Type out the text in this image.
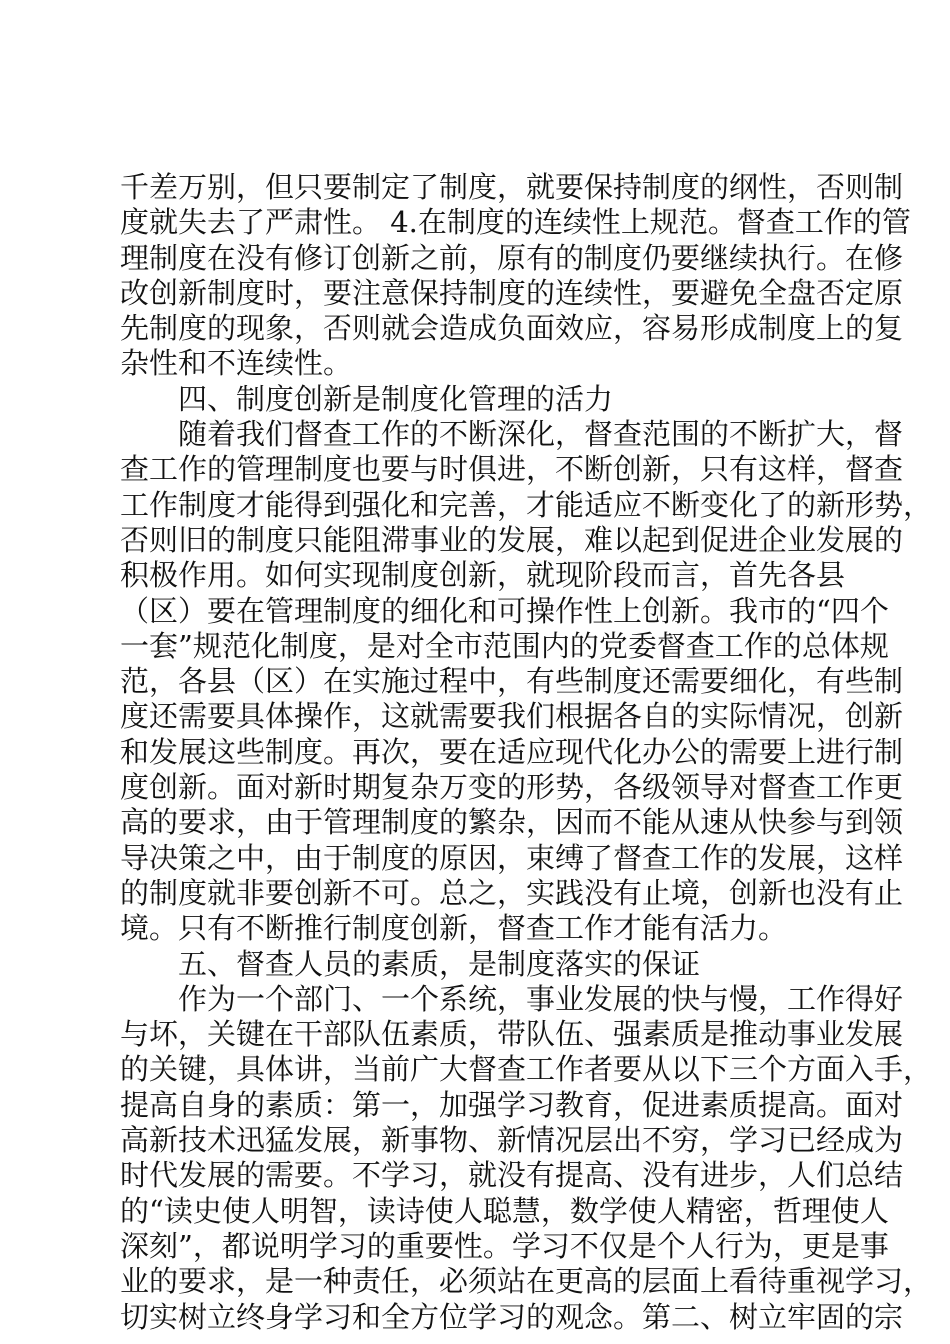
千差万别，但只要制定了制度，就要保持制度的纲性，否则制
度就失去了严肃性。 4.在制度的连续性上规范。督查工作的管
理制度在没有修订创新之前，原有的制度仍要继续执行。在修
改创新制度时，要注意保持制度的连续性，要避免全盘否定原
先制度的现象，否则就会造成负面效应，容易形成制度上的复
杂性和不连续性。
四、制度创新是制度化管理的活力
随着我们督查工作的不断深化，督查范围的不断扩大，督
查工作的管理制度也要与时俱进，不断创新，只有这样，督查
工作制度才能得到强化和完善，才能适应不断变化了的新形势，
否则旧的制度只能阻滞事业的发展，难以起到促进企业发展的
积极作用。如何实现制度创新，就现阶段而言，首先各县
（区）要在管理制度的细化和可操作性上创新。我市的“四个
一套”规范化制度，是对全市范围内的党委督查工作的总体规
范，各县（区）在实施过程中，有些制度还需要细化，有些制
度还需要具体操作，这就需要我们根据各自的实际情况，创新
和发展这些制度。再次，要在适应现代化办公的需要上进行制
度创新。面对新时期复杂万变的形势，各级领导对督查工作更
高的要求，由于管理制度的繁杂，因而不能从速从快参与到领
导决策之中，由于制度的原因，束缚了督查工作的发展，这样
的制度就非要创新不可。总之，实践没有止境，创新也没有止
境。只有不断推行制度创新，督查工作才能有活力。
五、督查人员的素质，是制度落实的保证
作为一个部门、一个系统，事业发展的快与慢，工作得好
与坏，关键在干部队伍素质，带队伍、强素质是推动事业发展
的关键，具体讲，当前广大督查工作者要从以下三个方面入手，
提高自身的素质：第一，加强学习教育，促进素质提高。面对
高新技术迅猛发展，新事物、新情况层出不穷，学习已经成为
时代发展的需要。不学习，就没有提高、没有进步，人们总结
的“读史使人明智，读诗使人聪慧，数学使人精密，哲理使人
深刻”，都说明学习的重要性。学习不仅是个人行为，更是事
业的要求，是一种责任，必须站在更高的层面上看待重视学习，
切实树立终身学习和全方位学习的观念。第二、树立牢固的宗
